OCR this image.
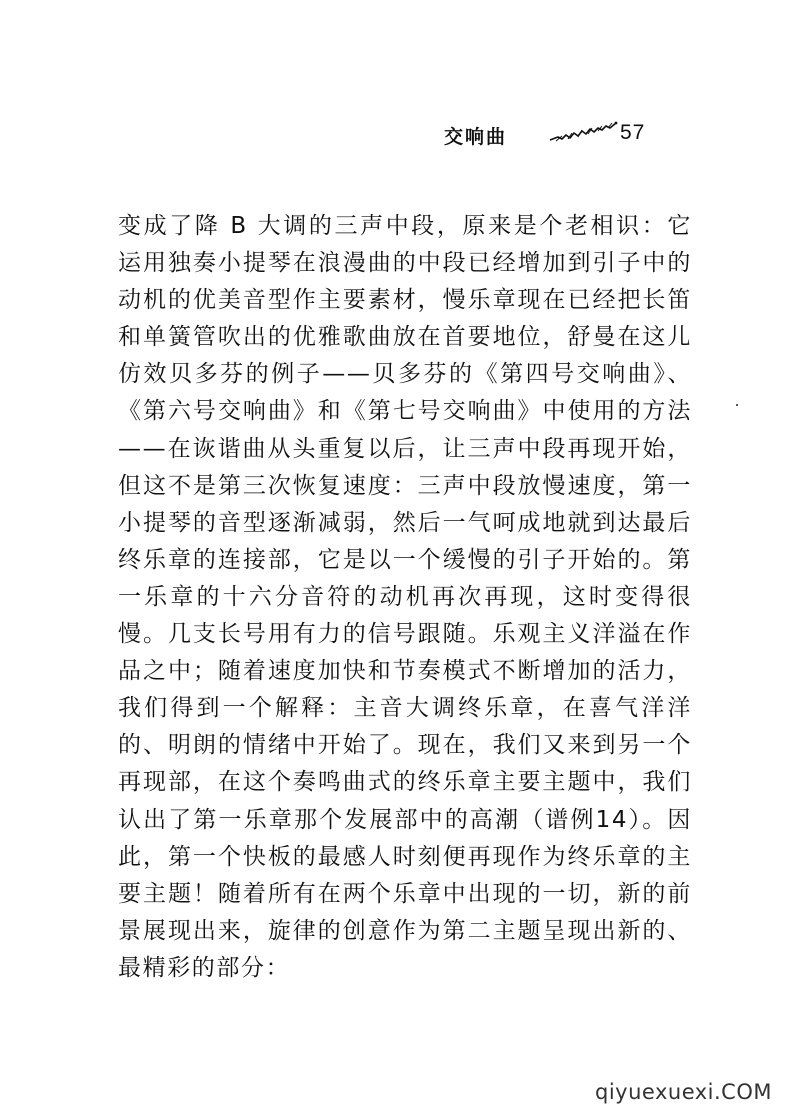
交响曲	57
变成了降 B 大调的三声中段，原来是个老相识：它运用独奏小提琴在浪漫曲的中段已经增加到引子中的动机的优美音型作主要素材，慢乐章现在已经把长笛和单簧管吹出的优雅歌曲放在首要地位，舒曼在这儿仿效贝多芬的例子——贝多芬的《第四号交响曲》、《第六号交响曲》和《第七号交响曲》中使用的方法——在诙谐曲从头重复以后，让三声中段再现开始，但这不是第三次恢复速度：三声中段放慢速度，第一小提琴的音型逐渐减弱，然后一气呵成地就到达最后终乐章的连接部，它是以一个缓慢的引子开始的。第一乐章的十六分音符的动机再次再现，这时变得很慢。几支长号用有力的信号跟随。乐观主义洋溢在作品之中；随着速度加快和节奏模式不断增加的活力，我们得到一个解释：主音大调终乐章，在喜气洋洋的、明朗的情绪中开始了。现在，我们又来到另一个再现部，在这个奏鸣曲式的终乐章主要主题中，我们认出了第一乐章那个发展部中的高潮（谱例14）。因此，第一个快板的最感人时刻便再现作为终乐章的主要主题！随着所有在两个乐章中出现的一切，新的前景展现出来，旋律的创意作为第二主题呈现出新的、最精彩的部分：
qiyuexuexi.COM
